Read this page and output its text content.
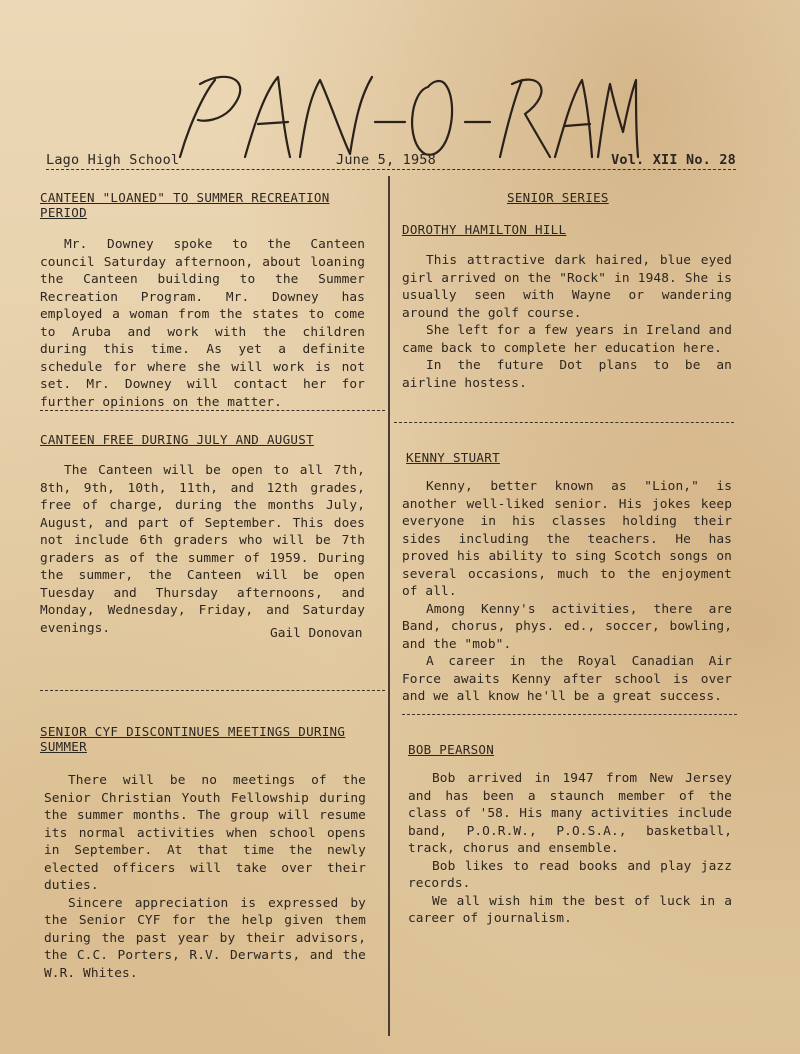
Lago High School	June 5, 1958	Vol. XII No. 28
CANTEEN "LOANED" TO SUMMER RECREATION PERIOD

Mr. Downey spoke to the Canteen council Saturday afternoon, about loaning the Canteen building to the Summer Recreation Program. Mr. Downey has employed a woman from the states to come to Aruba and work with the children during this time. As yet a definite schedule for where she will work is not set. Mr. Downey will contact her for further opinions on the matter.

CANTEEN FREE DURING JULY AND AUGUST

The Canteen will be open to all 7th, 8th, 9th, 10th, 11th, and 12th grades, free of charge, during the months July, August, and part of September. This does not include 6th graders who will be 7th graders as of the summer of 1959. During the summer, the Canteen will be open Tuesday and Thursday afternoons, and Monday, Wednesday, Friday, and Saturday evenings.	Gail Donovan
SENIOR CYF DISCONTINUES MEETINGS DURING SUMMER

There will be no meetings of the Senior Christian Youth Fellowship during the summer months. The group will resume its normal activities when school opens in September. At that time the newly elected officers will take over their duties.

Sincere appreciation is expressed by the Senior CYF for the help given them during the past year by their advisors, the C.C. Porters, R.V. Derwarts, and the W.R. Whites.

SENIOR SERIES
DOROTHY HAMILTON HILL

This attractive dark haired, blue eyed girl arrived on the "Rock" in 1948. She is usually seen with Wayne or wandering around the golf course.

She left for a few years in Ireland and came back to complete her education here.

In the future Dot plans to be an airline hostess.

KENNY STUART

Kenny, better known as "Lion," is another well-liked senior. His jokes keep everyone in his classes holding their sides including the teachers. He has proved his ability to sing Scotch songs on several occasions, much to the enjoyment of all.

Among Kenny's activities, there are Band, chorus, phys. ed., soccer, bowling, and the "mob".

A career in the Royal Canadian Air Force awaits Kenny after school is over and we all know he'll be a great success.

BOB PEARSON

Bob arrived in 1947 from New Jersey and has been a staunch member of the class of '58. His many activities include band, P.O.R.W., P.O.S.A., basketball, track, chorus and ensemble.

Bob likes to read books and play jazz records.

We all wish him the best of luck in a career of journalism.
